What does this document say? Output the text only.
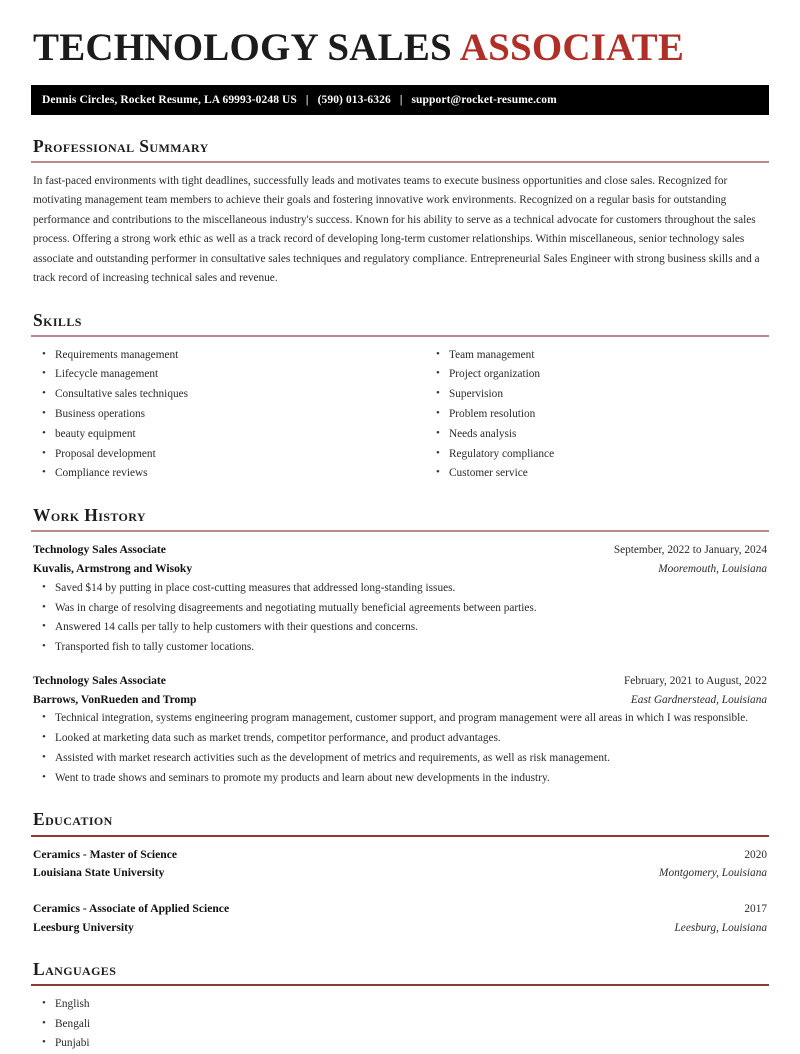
TECHNOLOGY SALES ASSOCIATE
Dennis Circles, Rocket Resume, LA 69993-0248 US | (590) 013-6326 | support@rocket-resume.com
Professional Summary

In fast-paced environments with tight deadlines, successfully leads and motivates teams to execute business opportunities and close sales. Recognized for motivating management team members to achieve their goals and fostering innovative work environments. Recognized on a regular basis for outstanding performance and contributions to the miscellaneous industry's success. Known for his ability to serve as a technical advocate for customers throughout the sales process. Offering a strong work ethic as well as a track record of developing long-term customer relationships. Within miscellaneous, senior technology sales associate and outstanding performer in consultative sales techniques and regulatory compliance. Entrepreneurial Sales Engineer with strong business skills and a track record of increasing technical sales and revenue.

Skills
• Requirements management
• Lifecycle management
• Consultative sales techniques
• Business operations
• beauty equipment
• Proposal development
• Compliance reviews
• Team management
• Project organization
• Supervision
• Problem resolution
• Needs analysis
• Regulatory compliance
• Customer service
Work History
Technology Sales Associate	September, 2022 to January, 2024
Kuvalis, Armstrong and Wisoky	Mooremouth, Louisiana
• Saved $14 by putting in place cost-cutting measures that addressed long-standing issues.
• Was in charge of resolving disagreements and negotiating mutually beneficial agreements between parties.
• Answered 14 calls per tally to help customers with their questions and concerns.
• Transported fish to tally customer locations.
Technology Sales Associate	February, 2021 to August, 2022
Barrows, VonRueden and Tromp	East Gardnerstead, Louisiana
• Technical integration, systems engineering program management, customer support, and program management were all areas in which I was responsible.
• Looked at marketing data such as market trends, competitor performance, and product advantages.
• Assisted with market research activities such as the development of metrics and requirements, as well as risk management.
• Went to trade shows and seminars to promote my products and learn about new developments in the industry.
Education
Ceramics - Master of Science	2020
Louisiana State University	Montgomery, Louisiana
Ceramics - Associate of Applied Science	2017
Leesburg University	Leesburg, Louisiana
Languages
• English
• Bengali
• Punjabi
